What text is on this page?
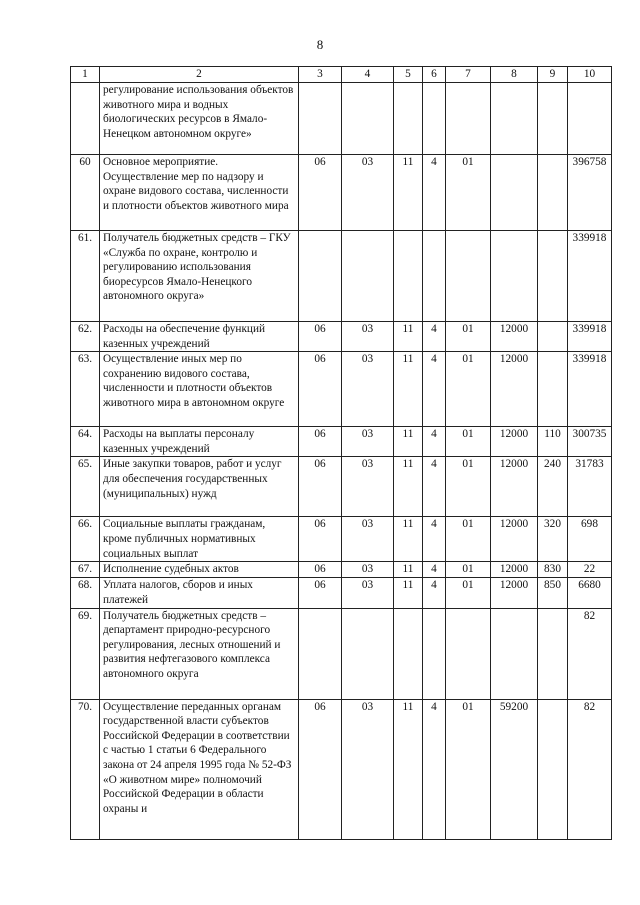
8
1	2	3	4	5	6	7	8	9	10
	регулирование использования объектов животного мира и водных биологических ресурсов в Ямало-Ненецком автономном округе»								
60	Основное мероприятие. Осуществление мер по надзору и охране видового состава, численности и плотности объектов животного мира	06	03	11	4	01			396758
61.	Получатель бюджетных средств – ГКУ «Служба по охране, контролю и регулированию использования биоресурсов Ямало-Ненецкого автономного округа»								339918
62.	Расходы на обеспечение функций казенных учреждений	06	03	11	4	01	12000		339918
63.	Осуществление иных мер по сохранению видового состава, численности и плотности объектов животного мира в автономном округе	06	03	11	4	01	12000		339918
64.	Расходы на выплаты персоналу казенных учреждений	06	03	11	4	01	12000	110	300735
65.	Иные закупки товаров, работ и услуг для обеспечения государственных (муниципальных) нужд	06	03	11	4	01	12000	240	31783
66.	Социальные выплаты гражданам, кроме публичных нормативных социальных выплат	06	03	11	4	01	12000	320	698
67.	Исполнение судебных актов	06	03	11	4	01	12000	830	22
68.	Уплата налогов, сборов и иных платежей	06	03	11	4	01	12000	850	6680
69.	Получатель бюджетных средств – департамент природно-ресурсного регулирования, лесных отношений и развития нефтегазового комплекса автономного округа								82
70.	Осуществление переданных органам государственной власти субъектов Российской Федерации в соответствии с частью 1 статьи 6 Федерального закона от 24 апреля 1995 года № 52-ФЗ «О животном мире» полномочий Российской Федерации в области охраны и	06	03	11	4	01	59200		82
